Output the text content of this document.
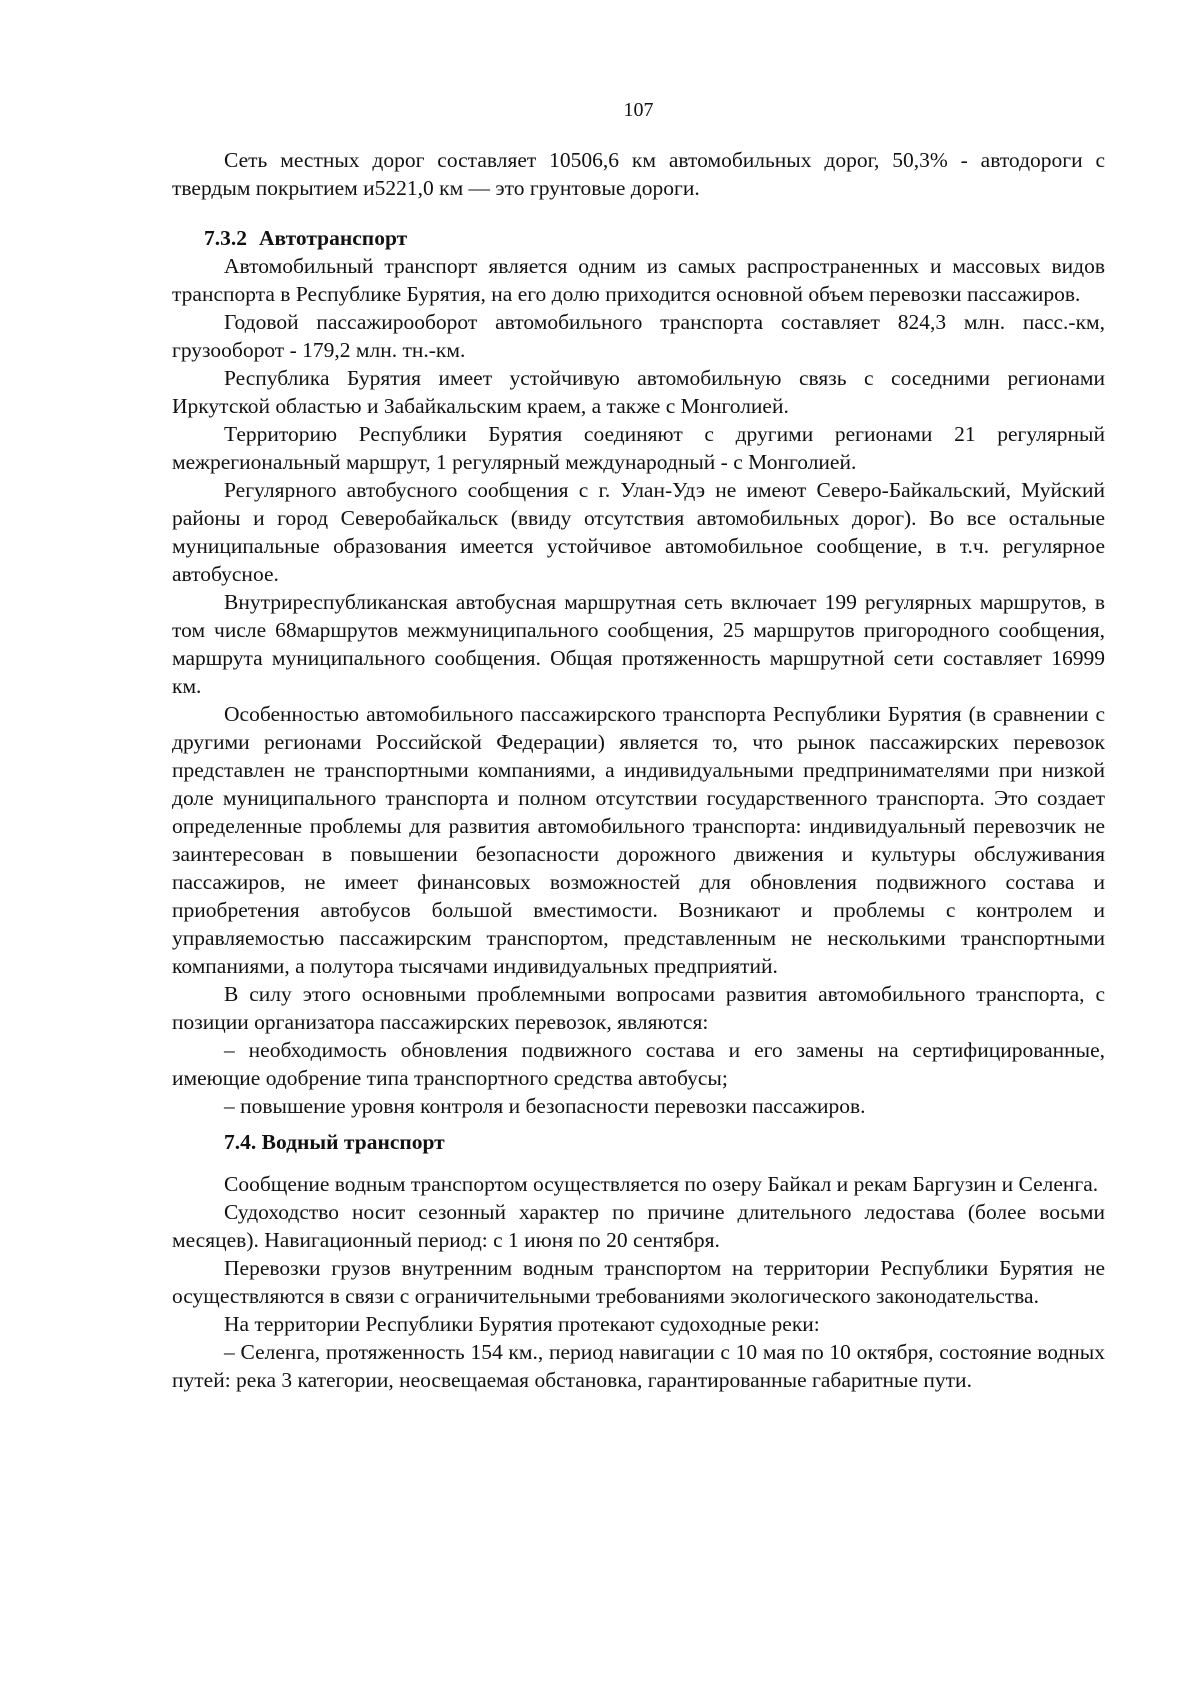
107

Сеть местных дорог составляет 10506,6 км автомобильных дорог, 50,3% - автодороги с твердым покрытием и5221,0 км — это грунтовые дороги.

7.3.2 Автотранспорт

Автомобильный транспорт является одним из самых распространенных и массовых видов транспорта в Республике Бурятия, на его долю приходится основной объем перевозки пассажиров.

Годовой пассажирооборот автомобильного транспорта составляет 824,3 млн. пасс.-км, грузооборот - 179,2 млн. тн.-км.

Республика Бурятия имеет устойчивую автомобильную связь с соседними регионами Иркутской областью и Забайкальским краем, а также с Монголией.

Территорию Республики Бурятия соединяют с другими регионами 21 регулярный межрегиональный маршрут, 1 регулярный международный - с Монголией.

Регулярного автобусного сообщения с г. Улан-Удэ не имеют Северо-Байкальский, Муйский районы и город Северобайкальск (ввиду отсутствия автомобильных дорог). Во все остальные муниципальные образования имеется устойчивое автомобильное сообщение, в т.ч. регулярное автобусное.

Внутриреспубликанская автобусная маршрутная сеть включает 199 регулярных маршрутов, в том числе 68маршрутов межмуниципального сообщения, 25 маршрутов пригородного сообщения, маршрута муниципального сообщения. Общая протяженность маршрутной сети составляет 16999 км.

Особенностью автомобильного пассажирского транспорта Республики Бурятия (в сравнении с другими регионами Российской Федерации) является то, что рынок пассажирских перевозок представлен не транспортными компаниями, а индивидуальными предпринимателями при низкой доле муниципального транспорта и полном отсутствии государственного транспорта. Это создает определенные проблемы для развития автомобильного транспорта: индивидуальный перевозчик не заинтересован в повышении безопасности дорожного движения и культуры обслуживания пассажиров, не имеет финансовых возможностей для обновления подвижного состава и приобретения автобусов большой вместимости. Возникают и проблемы с контролем и управляемостью пассажирским транспортом, представленным не несколькими транспортными компаниями, а полутора тысячами индивидуальных предприятий.

В силу этого основными проблемными вопросами развития автомобильного транспорта, с позиции организатора пассажирских перевозок, являются:

– необходимость обновления подвижного состава и его замены на сертифицированные, имеющие одобрение типа транспортного средства автобусы;

– повышение уровня контроля и безопасности перевозки пассажиров.

7.4. Водный транспорт

Сообщение водным транспортом осуществляется по озеру Байкал и рекам Баргузин и Селенга.

Судоходство носит сезонный характер по причине длительного ледостава (более восьми месяцев). Навигационный период: с 1 июня по 20 сентября.

Перевозки грузов внутренним водным транспортом на территории Республики Бурятия не осуществляются в связи с ограничительными требованиями экологического законодательства.

На территории Республики Бурятия протекают судоходные реки:

– Селенга, протяженность 154 км., период навигации с 10 мая по 10 октября, состояние водных путей: река 3 категории, неосвещаемая обстановка, гарантированные габаритные пути.
